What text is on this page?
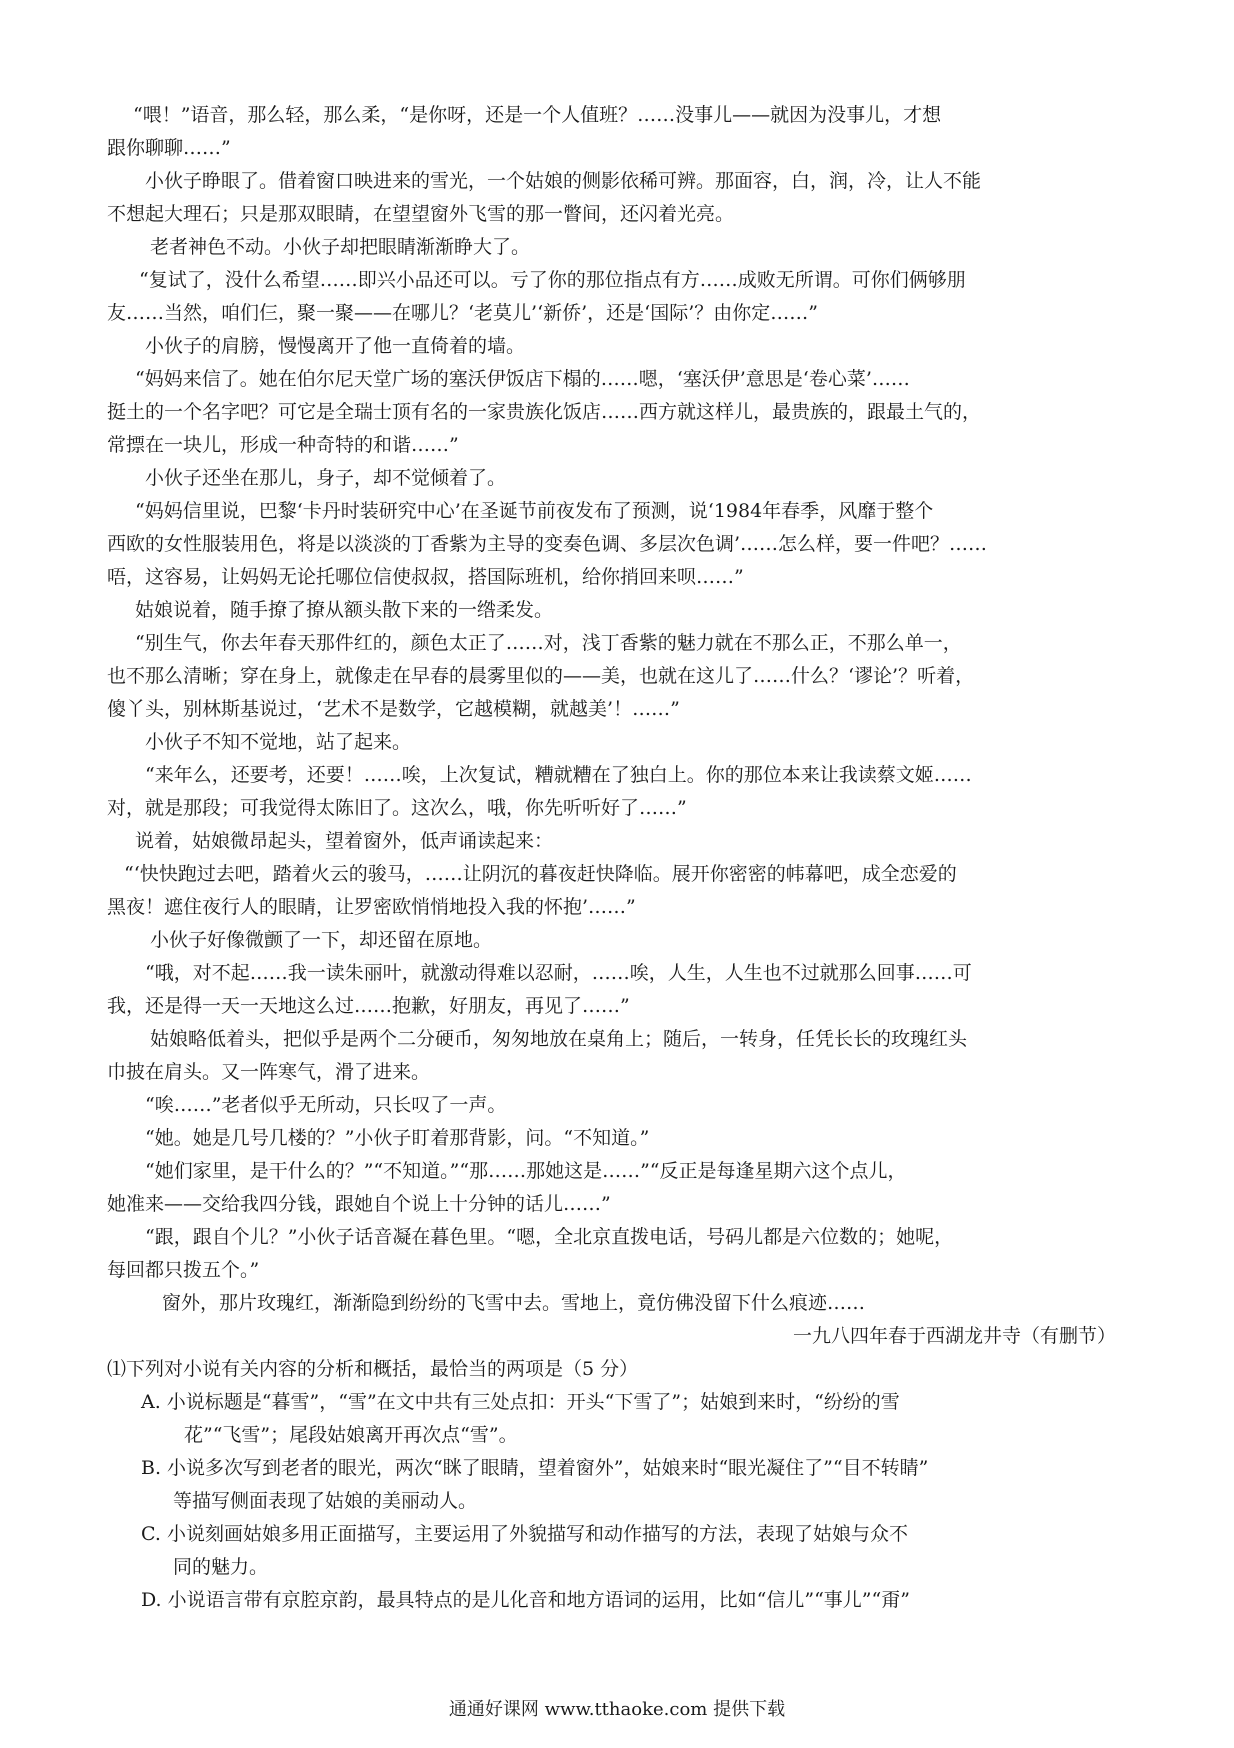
“喂！”语音，那么轻，那么柔，“是你呀，还是一个人值班？……没事儿——就因为没事儿，才想
跟你聊聊……”
小伙子睁眼了。借着窗口映进来的雪光，一个姑娘的侧影依稀可辨。那面容，白，润，冷，让人不能
不想起大理石；只是那双眼睛，在望望窗外飞雪的那一瞥间，还闪着光亮。
老者神色不动。小伙子却把眼睛渐渐睁大了。
“复试了，没什么希望……即兴小品还可以。亏了你的那位指点有方……成败无所谓。可你们俩够朋
友……当然，咱们仨，聚一聚——在哪儿？‘老莫儿’‘新侨’，还是‘国际’？由你定……”
小伙子的肩膀，慢慢离开了他一直倚着的墙。
“妈妈来信了。她在伯尔尼天堂广场的塞沃伊饭店下榻的……嗯，‘塞沃伊’意思是‘卷心菜’……
挺土的一个名字吧？可它是全瑞士顶有名的一家贵族化饭店……西方就这样儿，最贵族的，跟最土气的，
常摽在一块儿，形成一种奇特的和谐……”
小伙子还坐在那儿，身子，却不觉倾着了。
“妈妈信里说，巴黎‘卡丹时装研究中心’在圣诞节前夜发布了预测，说‘1984年春季，风靡于整个
西欧的女性服装用色，将是以淡淡的丁香紫为主导的变奏色调、多层次色调’……怎么样，要一件吧？……
唔，这容易，让妈妈无论托哪位信使叔叔，搭国际班机，给你捎回来呗……”
姑娘说着，随手撩了撩从额头散下来的一绺柔发。
“别生气，你去年春天那件红的，颜色太正了……对，浅丁香紫的魅力就在不那么正，不那么单一，
也不那么清晰；穿在身上，就像走在早春的晨雾里似的——美，也就在这儿了……什么？‘谬论’？听着，
傻丫头，别林斯基说过，‘艺术不是数学，它越模糊，就越美’！……”
小伙子不知不觉地，站了起来。
“来年么，还要考，还要！……唉，上次复试，糟就糟在了独白上。你的那位本来让我读蔡文姬……
对，就是那段；可我觉得太陈旧了。这次么，哦，你先听听好了……”
说着，姑娘微昂起头，望着窗外，低声诵读起来：
“‘快快跑过去吧，踏着火云的骏马，……让阴沉的暮夜赶快降临。展开你密密的帏幕吧，成全恋爱的
黑夜！遮住夜行人的眼睛，让罗密欧悄悄地投入我的怀抱’……”
小伙子好像微颤了一下，却还留在原地。
“哦，对不起……我一读朱丽叶，就激动得难以忍耐，……唉，人生，人生也不过就那么回事……可
我，还是得一天一天地这么过……抱歉，好朋友，再见了……”
姑娘略低着头，把似乎是两个二分硬币，匆匆地放在桌角上；随后，一转身，任凭长长的玫瑰红头
巾披在肩头。又一阵寒气，滑了进来。
“唉……”老者似乎无所动，只长叹了一声。
“她。她是几号几楼的？”小伙子盯着那背影，问。“不知道。”
“她们家里，是干什么的？”“不知道。”“那……那她这是……”“反正是每逢星期六这个点儿，
她准来——交给我四分钱，跟她自个说上十分钟的话儿……”
“跟，跟自个儿？”小伙子话音凝在暮色里。“嗯，全北京直拨电话，号码儿都是六位数的；她呢，
每回都只拨五个。”
窗外，那片玫瑰红，渐渐隐到纷纷的飞雪中去。雪地上，竟仿佛没留下什么痕迹……
一九八四年春于西湖龙井寺（有删节）
⑴下列对小说有关内容的分析和概括，最恰当的两项是（5 分）
A. 小说标题是“暮雪”，“雪”在文中共有三处点扣：开头“下雪了”；姑娘到来时，“纷纷的雪
花”“飞雪”；尾段姑娘离开再次点“雪”。
B. 小说多次写到老者的眼光，两次“眯了眼睛，望着窗外”，姑娘来时“眼光凝住了”“目不转睛”
等描写侧面表现了姑娘的美丽动人。
C. 小说刻画姑娘多用正面描写，主要运用了外貌描写和动作描写的方法，表现了姑娘与众不
同的魅力。
D. 小说语言带有京腔京韵，最具特点的是儿化音和地方语词的运用，比如“信儿”“事儿”“甭”
通通好课网 www.tthaoke.com 提供下载
